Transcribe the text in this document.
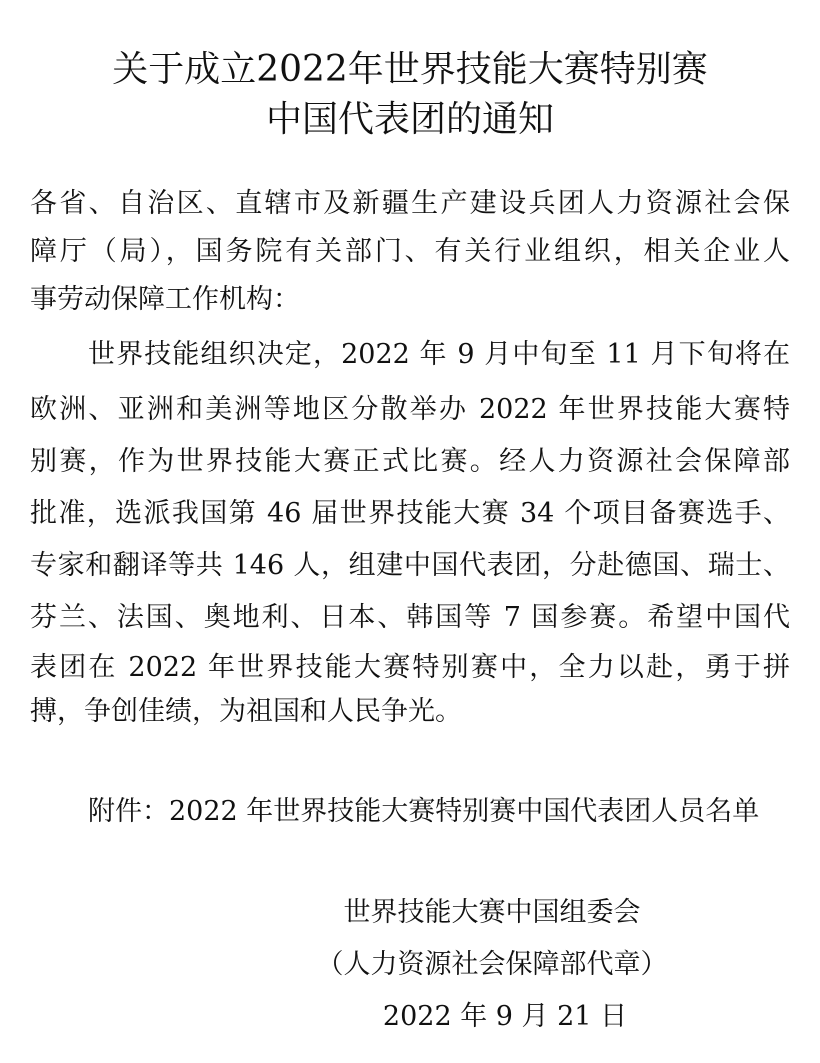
关于成立2022年世界技能大赛特别赛
中国代表团的通知
各省、自治区、直辖市及新疆生产建设兵团人力资源社会保
障厅（局），国务院有关部门、有关行业组织，相关企业人
事劳动保障工作机构：
世界技能组织决定，2022 年 9 月中旬至 11 月下旬将在
欧洲、亚洲和美洲等地区分散举办 2022 年世界技能大赛特
别赛，作为世界技能大赛正式比赛。经人力资源社会保障部
批准，选派我国第 46 届世界技能大赛 34 个项目备赛选手、
专家和翻译等共 146 人，组建中国代表团，分赴德国、瑞士、
芬兰、法国、奥地利、日本、韩国等 7 国参赛。希望中国代
表团在 2022 年世界技能大赛特别赛中，全力以赴，勇于拼
搏，争创佳绩，为祖国和人民争光。
附件：2022 年世界技能大赛特别赛中国代表团人员名单
世界技能大赛中国组委会
（人力资源社会保障部代章）
2022 年 9 月 21 日
